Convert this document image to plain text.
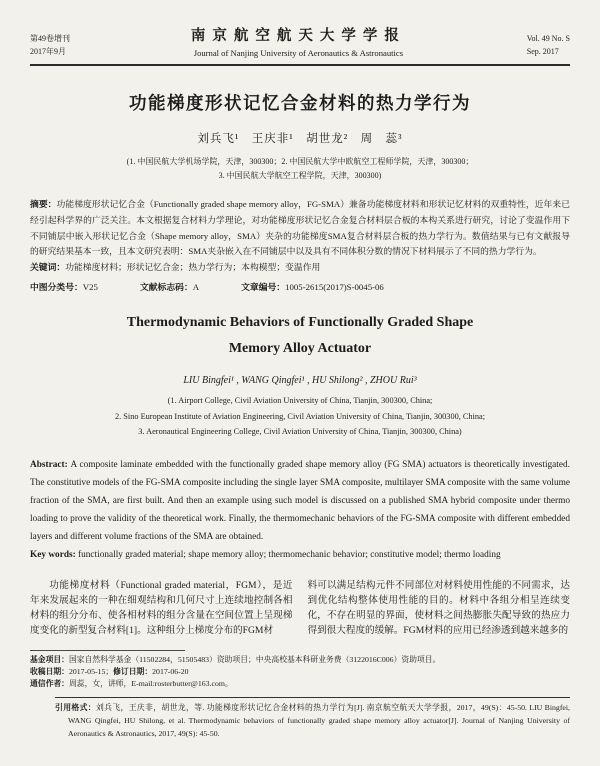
第49卷增刊
2017年9月
南京航空航天大学学报
Journal of Nanjing University of Aeronautics & Astronautics
Vol. 49 No. S
Sep. 2017
功能梯度形状记忆合金材料的热力学行为
刘兵飞¹　王庆非¹　胡世龙²　周　蕊³
(1. 中国民航大学机场学院，天津，300300；2. 中国民航大学中欧航空工程师学院，天津，300300；
3. 中国民航大学航空工程学院，天津，300300)

摘要：功能梯度形状记忆合金（Functionally graded shape memory alloy，FG-SMA）兼备功能梯度材料和形状记忆材料的双重特性，近年来已经引起科学界的广泛关注。本文根据复合材料力学理论，对功能梯度形状记忆合金复合材料层合板的本构关系进行研究，讨论了变温作用下不同铺层中嵌入形状记忆合金（Shape memory alloy，SMA）夹杂的功能梯度SMA复合材料层合板的热力学行为。数值结果与已有文献报导的研究结果基本一致，且本文研究表明：SMA夹杂嵌入在不同铺层中以及具有不同体积分数的情况下材料展示了不同的热力学行为。

关键词：功能梯度材料；形状记忆合金；热力学行为；本构模型；变温作用

中图分类号：V25	文献标志码：A	文章编号：1005-2615(2017)S-0045-06
Thermodynamic Behaviors of Functionally Graded Shape
Memory Alloy Actuator
LIU Bingfei¹ , WANG Qingfei¹ , HU Shilong² , ZHOU Rui³
(1. Airport College, Civil Aviation University of China, Tianjin, 300300, China;
2. Sino European Institute of Aviation Engineering, Civil Aviation University of China, Tianjin, 300300, China;
3. Aeronautical Engineering College, Civil Aviation University of China, Tianjin, 300300, China)

Abstract: A composite laminate embedded with the functionally graded shape memory alloy (FG SMA) actuators is theoretically investigated. The constitutive models of the FG-SMA composite including the single layer SMA composite, multilayer SMA composite with the same volume fraction of the SMA, are first built. And then an example using such model is discussed on a published SMA hybrid composite under thermo loading to prove the validity of the theoretical work. Finally, the thermomechanic behaviors of the FG-SMA composite with different embedded layers and different volume fractions of the SMA are obtained.

Key words: functionally graded material; shape memory alloy; thermomechanic behavior; constitutive model; thermo loading

功能梯度材料（Functional graded material，FGM），是近年来发展起来的一种在细观结构和几何尺寸上连续地控制各相材料的组分分布、使各相材料的组分含量在空间位置上呈现梯度变化的新型复合材料[1]。这种组分上梯度分布的FGM材

料可以满足结构元件不同部位对材料使用性能的不同需求，达到优化结构整体使用性能的目的。材料中各组分相呈连续变化，不存在明显的界面，使材料之间热膨胀失配导致的热应力得到很大程度的缓解。FGM材料的应用已经渗透到越来越多的

基金项目：国家自然科学基金（11502284，51505483）资助项目；中央高校基本科研业务费（3122016C006）资助项目。
收稿日期：2017-05-15；修订日期：2017-06-20
通信作者：周蕊，女，讲师，E-mail:rosterbutter@163.com。

引用格式：刘兵飞，王庆非，胡世龙，等. 功能梯度形状记忆合金材料的热力学行为[J]. 南京航空航天大学学报，2017，49(S)：45-50. LIU Bingfei, WANG Qingfei, HU Shilong, et al. Thermodynamic behaviors of functionally graded shape memory alloy actuator[J]. Journal of Nanjing University of Aeronautics & Astronautics, 2017, 49(S): 45-50.
